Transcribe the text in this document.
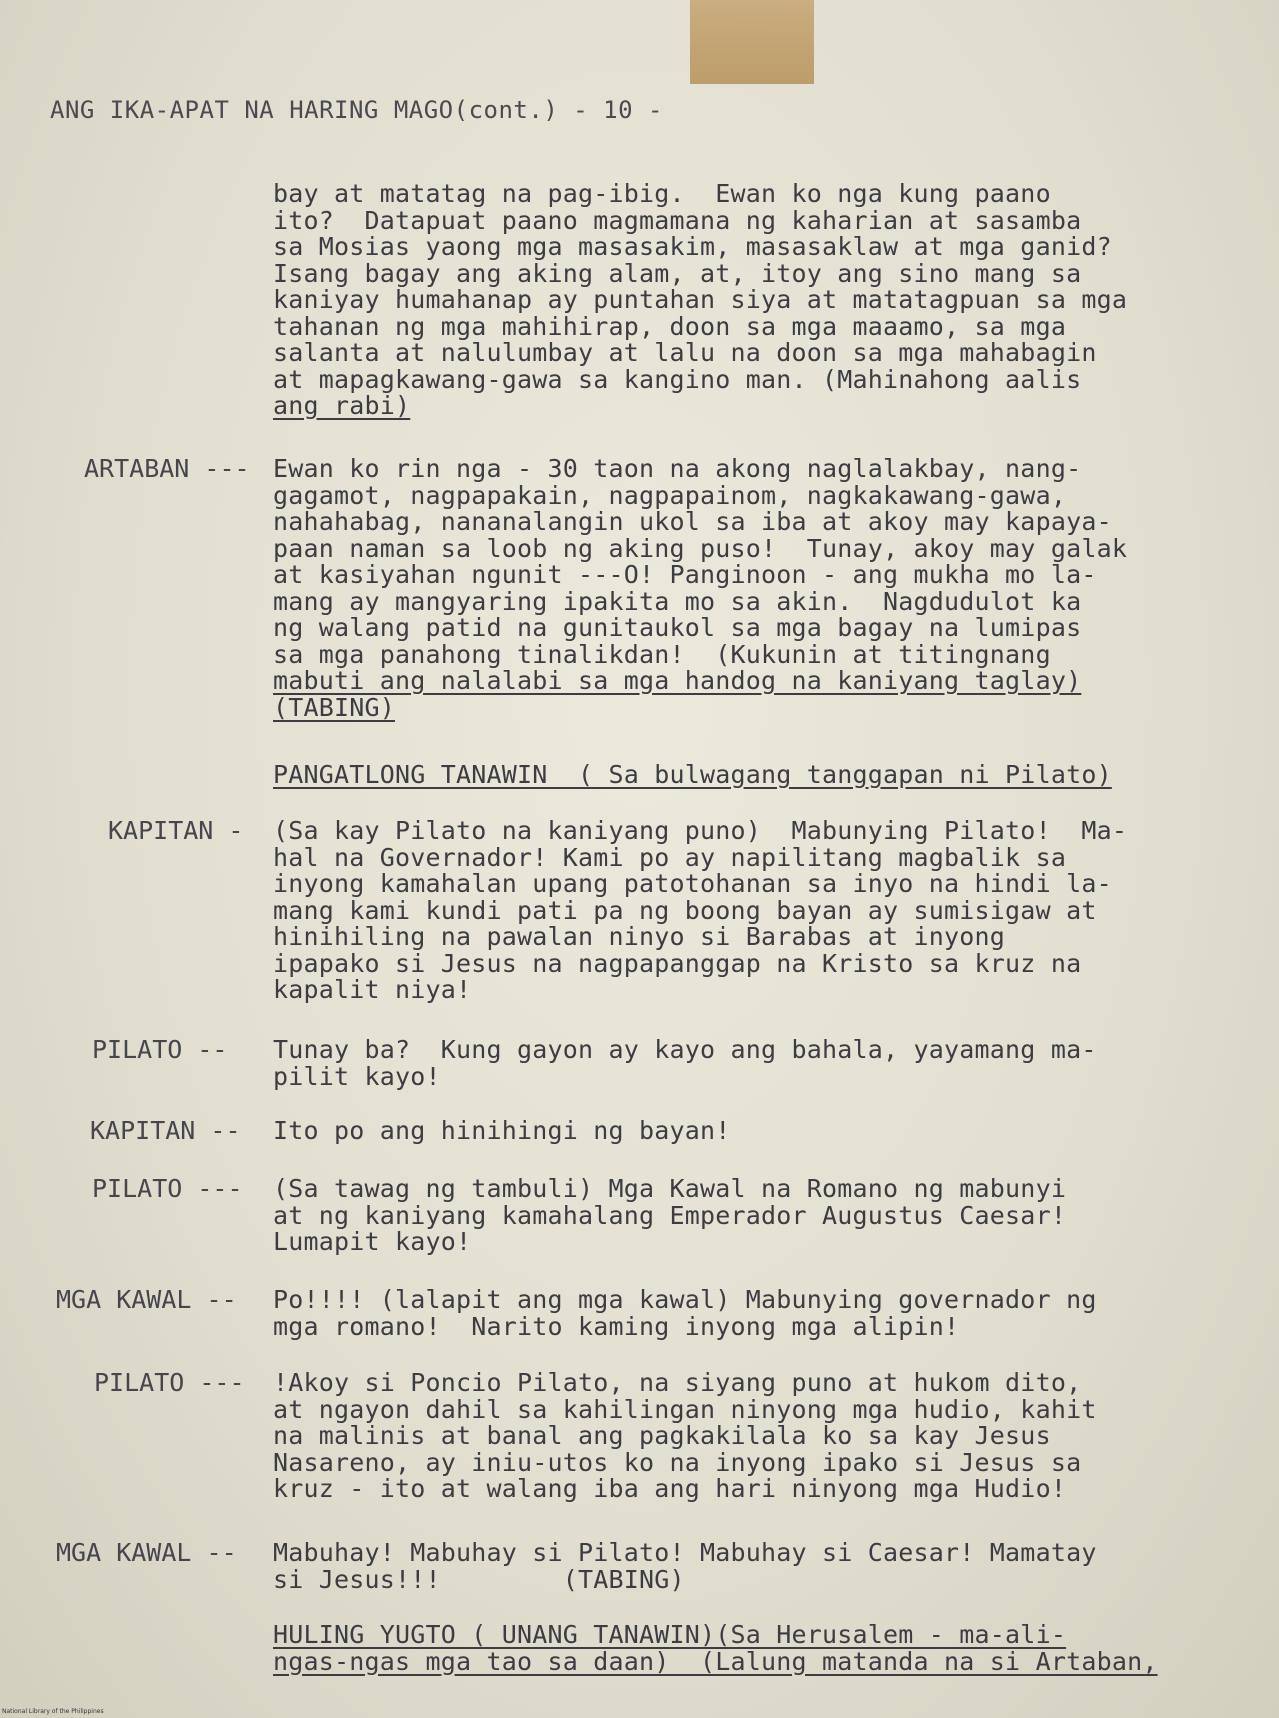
ANG IKA-APAT NA HARING MAGO(cont.) - 10 -
bay at matatag na pag-ibig.  Ewan ko nga kung paano
ito?  Datapuat paano magmamana ng kaharian at sasamba
sa Mosias yaong mga masasakim, masasaklaw at mga ganid?
Isang bagay ang aking alam, at, itoy ang sino mang sa
kaniyay humahanap ay puntahan siya at matatagpuan sa mga
tahanan ng mga mahihirap, doon sa mga maaamo, sa mga
salanta at nalulumbay at lalu na doon sa mga mahabagin
at mapagkawang-gawa sa kangino man. (Mahinahong aalis
ang rabi)
ARTABAN --- Ewan ko rin nga - 30 taon na akong naglalakbay, nang-
gagamot, nagpapakain, nagpapainom, nagkakawang-gawa,
nahahabag, nananalangin ukol sa iba at akoy may kapaya-
paan naman sa loob ng aking puso!  Tunay, akoy may galak
at kasiyahan ngunit ---O! Panginoon - ang mukha mo la-
mang ay mangyaring ipakita mo sa akin.  Nagdudulot ka
ng walang patid na gunitaukol sa mga bagay na lumipas
sa mga panahong tinalikdan!  (Kukunin at titingnang
mabuti ang nalalabi sa mga handog na kaniyang taglay)
(TABING)
PANGATLONG TANAWIN  ( Sa bulwagang tanggapan ni Pilato)
KAPITAN - (Sa kay Pilato na kaniyang puno)  Mabunying Pilato!  Ma-
hal na Governador! Kami po ay napilitang magbalik sa
inyong kamahalan upang patotohanan sa inyo na hindi la-
mang kami kundi pati pa ng boong bayan ay sumisigaw at
hinihiling na pawalan ninyo si Barabas at inyong
ipapako si Jesus na nagpapanggap na Kristo sa kruz na
kapalit niya!
PILATO -- Tunay ba?  Kung gayon ay kayo ang bahala, yayamang ma-
pilit kayo!
KAPITAN -- Ito po ang hinihingi ng bayan!
PILATO --- (Sa tawag ng tambuli) Mga Kawal na Romano ng mabunyi
at ng kaniyang kamahalang Emperador Augustus Caesar!
Lumapit kayo!
MGA KAWAL -- Po!!!! (lalapit ang mga kawal) Mabunying governador ng
mga romano!  Narito kaming inyong mga alipin!
PILATO --- !Akoy si Poncio Pilato, na siyang puno at hukom dito,
at ngayon dahil sa kahilingan ninyong mga hudio, kahit
na malinis at banal ang pagkakilala ko sa kay Jesus
Nasareno, ay iniu-utos ko na inyong ipako si Jesus sa
kruz - ito at walang iba ang hari ninyong mga Hudio!
MGA KAWAL -- Mabuhay! Mabuhay si Pilato! Mabuhay si Caesar! Mamatay
si Jesus!!!        (TABING)
HULING YUGTO ( UNANG TANAWIN)(Sa Herusalem - ma-ali-
ngas-ngas mga tao sa daan)  (Lalung matanda na si Artaban,
National Library of the Philippines
